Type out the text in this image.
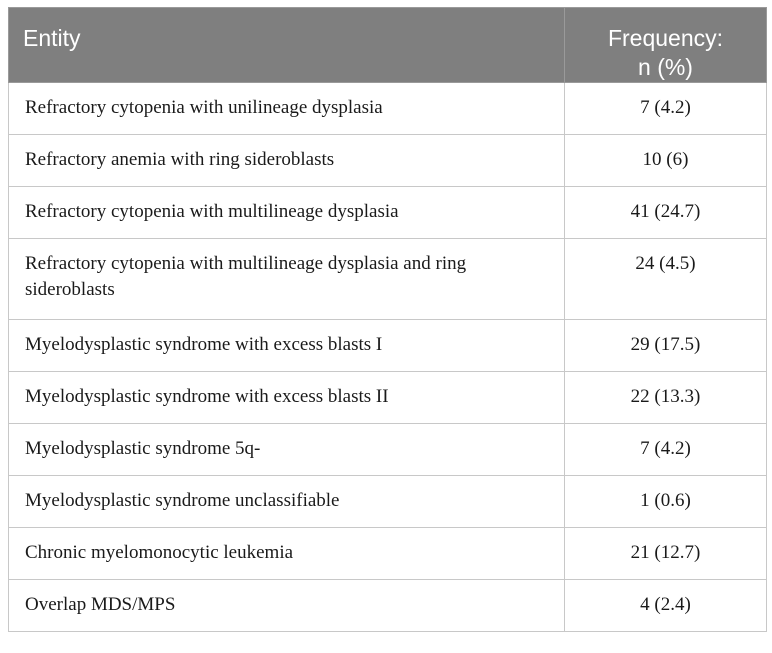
Entity	Frequency:
n (%)

Refractory cytopenia with unilineage dysplasia	7 (4.2)
Refractory anemia with ring sideroblasts	10 (6)
Refractory cytopenia with multilineage dysplasia	41 (24.7)
Refractory cytopenia with multilineage dysplasia and ring sideroblasts	24 (4.5)
Myelodysplastic syndrome with excess blasts I	29 (17.5)
Myelodysplastic syndrome with excess blasts II	22 (13.3)
Myelodysplastic syndrome 5q-	7 (4.2)
Myelodysplastic syndrome unclassifiable	1 (0.6)
Chronic myelomonocytic leukemia	21 (12.7)
Overlap MDS/MPS	4 (2.4)
